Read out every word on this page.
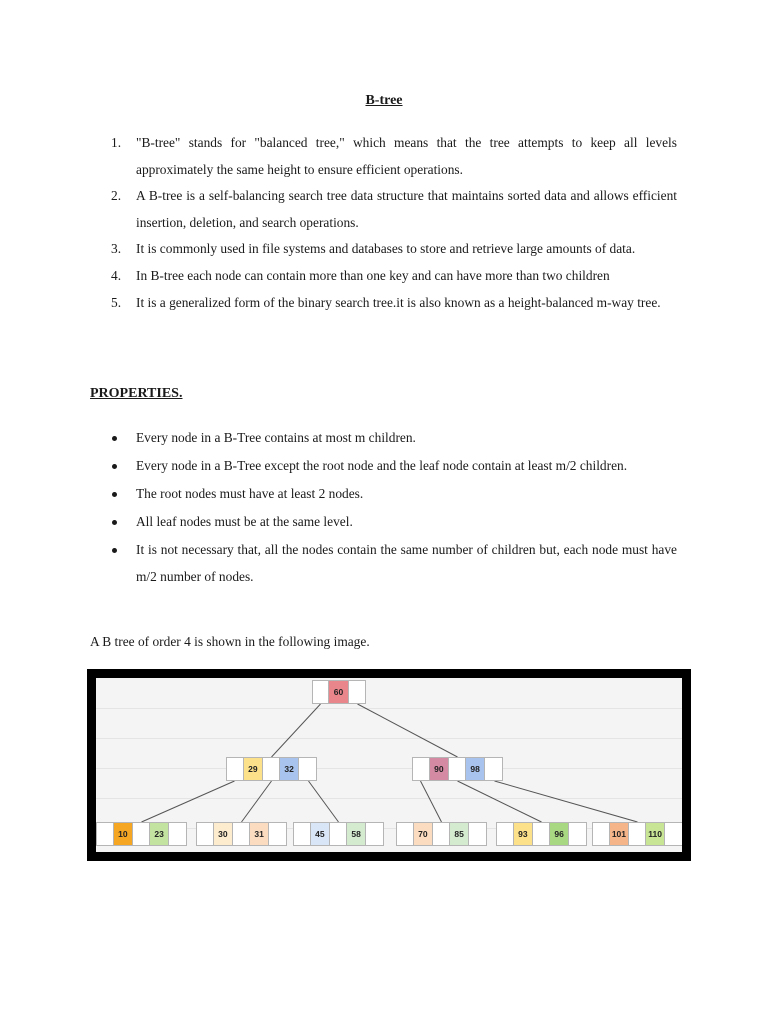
B-tree
1. "B-tree" stands for "balanced tree," which means that the tree attempts to keep all levels approximately the same height to ensure efficient operations.
2. A B-tree is a self-balancing search tree data structure that maintains sorted data and allows efficient insertion, deletion, and search operations.
3. It is commonly used in file systems and databases to store and retrieve large amounts of data.
4. In B-tree each node can contain more than one key and can have more than two children
5. It is a generalized form of the binary search tree.it is also known as a height-balanced m-way tree.
PROPERTIES.
Every node in a B-Tree contains at most m children.
Every node in a B-Tree except the root node and the leaf node contain at least m/2 children.
The root nodes must have at least 2 nodes.
All leaf nodes must be at the same level.
It is not necessary that, all the nodes contain the same number of children but, each node must have m/2 number of nodes.
A B tree of order 4 is shown in the following image.
60
29	32	90	98
10	23	30	31	45	58	70	85	93	96	101	110
